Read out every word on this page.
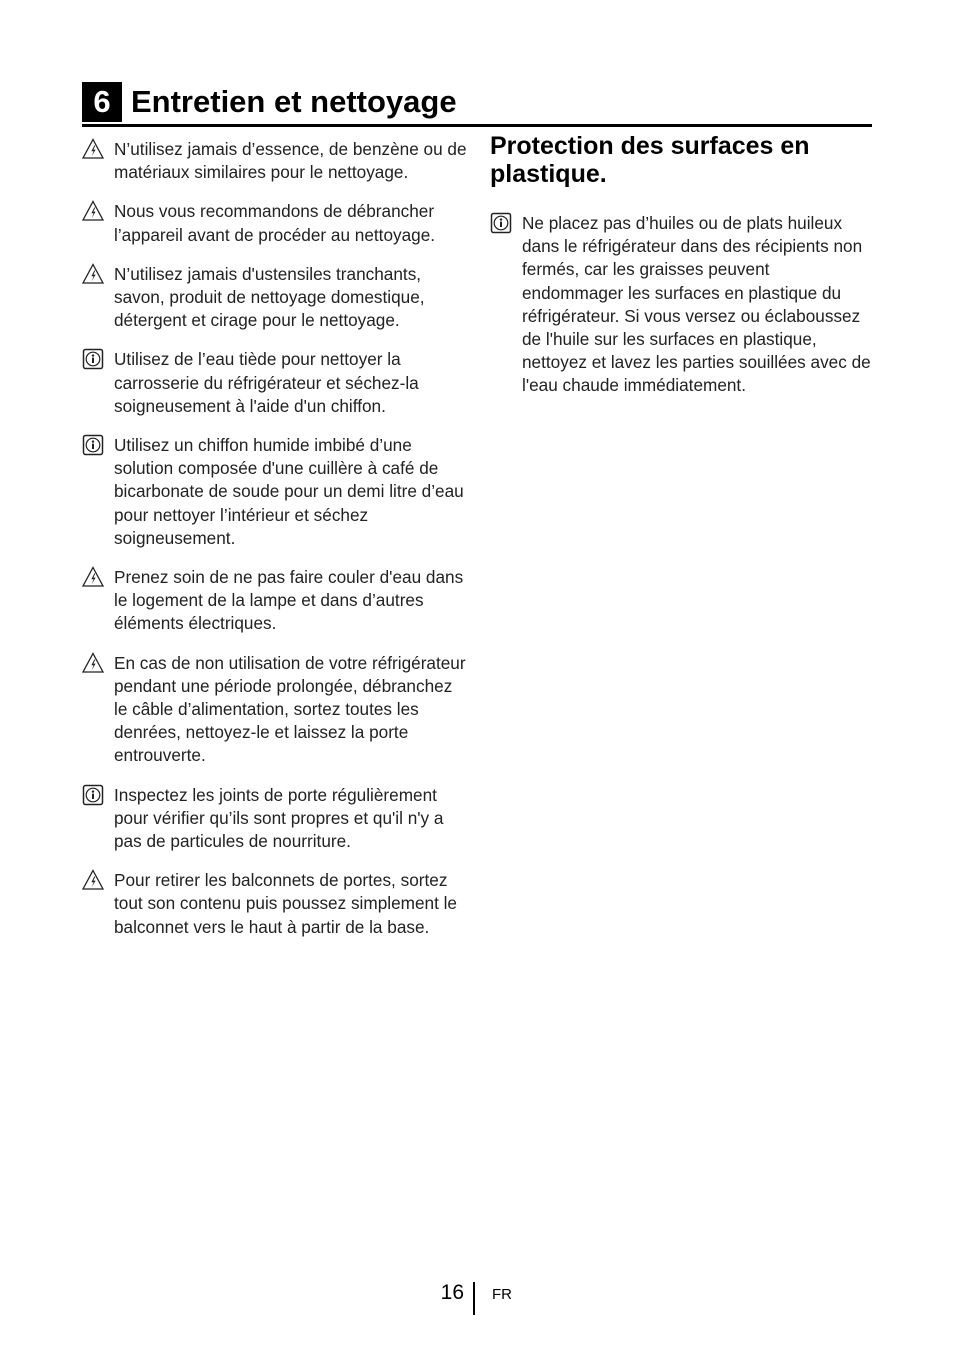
6 Entretien et nettoyage
N’utilisez jamais d’essence, de benzène ou de matériaux similaires pour le nettoyage.
Nous vous recommandons de débrancher l’appareil avant de procéder au nettoyage.
N’utilisez jamais d'ustensiles tranchants, savon, produit de nettoyage domestique, détergent et cirage pour le nettoyage.
Utilisez de l’eau tiède pour nettoyer la carrosserie du réfrigérateur et séchez-la soigneusement à l'aide d'un chiffon.
Utilisez un chiffon humide imbibé d’une solution composée d'une cuillère à café de bicarbonate de soude pour un demi litre d’eau pour nettoyer l’intérieur et séchez soigneusement.
Prenez soin de ne pas faire couler d'eau dans le logement de la lampe et dans d’autres éléments électriques.
En cas de non utilisation de votre réfrigérateur pendant une période prolongée, débranchez le câble d’alimentation, sortez toutes les denrées, nettoyez-le et laissez la porte entrouverte.
Inspectez les joints de porte régulièrement pour vérifier qu’ils sont propres et qu'il n'y a pas de particules de nourriture.
Pour retirer les balconnets de portes, sortez tout son contenu puis poussez simplement le balconnet vers le haut à partir de la base.
Protection des surfaces en plastique.
Ne placez pas d’huiles ou de plats huileux dans le réfrigérateur dans des récipients non fermés, car les graisses peuvent endommager les surfaces en plastique du réfrigérateur. Si vous versez ou éclaboussez de l'huile sur les surfaces en plastique, nettoyez et lavez les parties souillées avec de l'eau chaude immédiatement.
16 FR
